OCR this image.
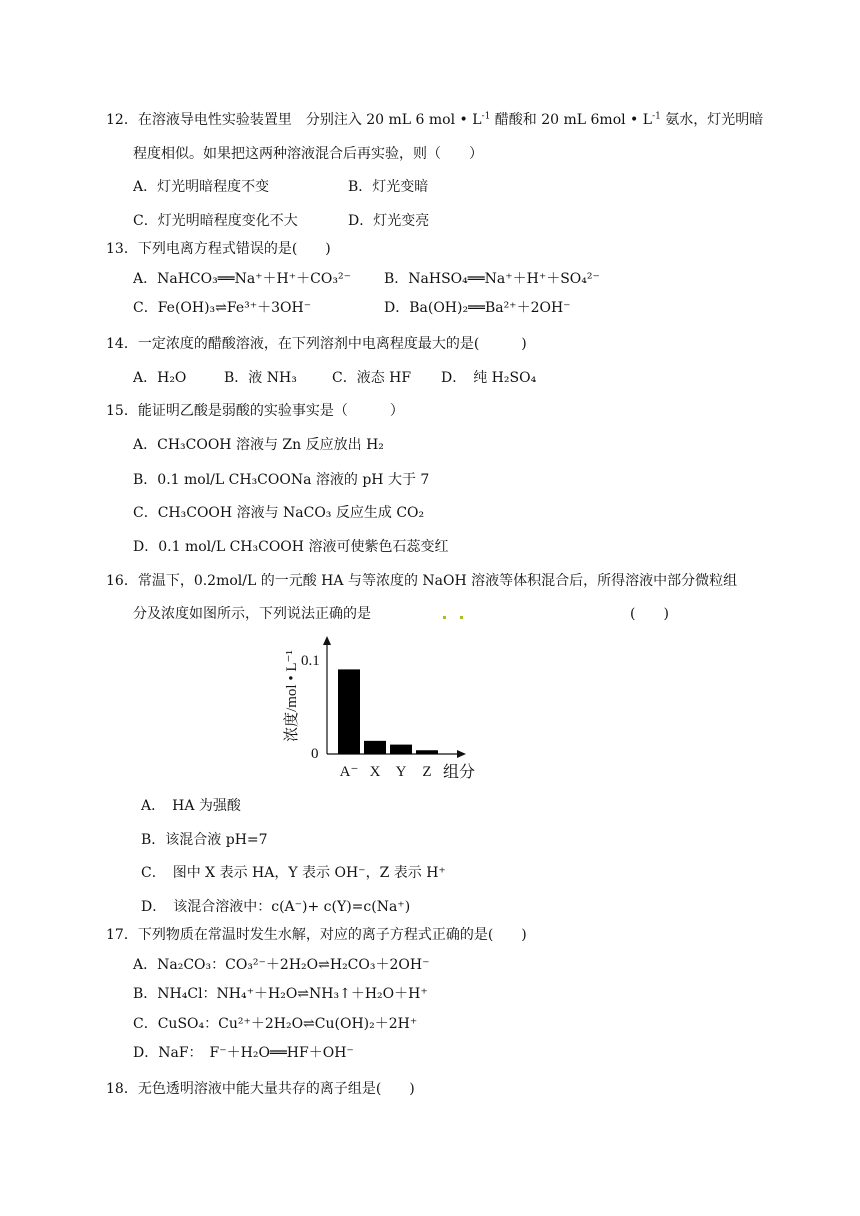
12．在溶液导电性实验装置里　分别注入 20 mL 6 mol • $L^{-1}$ 醋酸和 20 mL 6mol • $L^{-1}$ 氨水，灯光明暗
程度相似。如果把这两种溶液混合后再实验，则（　　）
A．灯光明暗程度不变	B．灯光变暗
C．灯光明暗程度变化不大	D．灯光变亮
13．下列电离方程式错误的是(　　)
A．NaHCO₃══Na⁺＋H⁺＋CO₃²⁻ B．NaHSO₄══Na⁺＋H⁺＋SO₄²⁻
C．Fe(OH)₃⇌Fe³⁺＋3OH⁻	D．Ba(OH)₂══Ba²⁺＋2OH⁻
14．一定浓度的醋酸溶液，在下列溶剂中电离程度最大的是(　　　)
A．H₂O	B．液 NH₃	C．液态 HF D．　纯 H₂SO₄
15．能证明乙酸是弱酸的实验事实是（　　　）
A．CH₃COOH 溶液与 Zn 反应放出 H₂
B．0.1 mol/L CH₃COONa 溶液的 pH 大于 7
C．CH₃COOH 溶液与 NaCO₃ 反应生成 CO₂
D．0.1 mol/L CH₃COOH 溶液可使紫色石蕊变红
16．常温下，0.2mol/L 的一元酸 HA 与等浓度的 NaOH 溶液等体积混合后，所得溶液中部分微粒组
分及浓度如图所示，下列说法正确的是	(　　)
浓度/mol • L⁻¹ 0.1
0
A⁻ X Y Z 组分
A．　HA 为强酸
B．该混合液 pH=7
C．　图中 X 表示 HA，Y 表示 OH⁻，Z 表示 H⁺
D．　该混合溶液中：c(A⁻)+ c(Y)=c(Na⁺)
17．下列物质在常温时发生水解，对应的离子方程式正确的是(　　)
A．Na₂CO₃：CO₃²⁻＋2H₂O⇌H₂CO₃＋2OH⁻
B．NH₄Cl：NH₄⁺＋H₂O⇌NH₃↑＋H₂O＋H⁺
C．CuSO₄：Cu²⁺＋2H₂O⇌Cu(OH)₂＋2H⁺
D．NaF：　F⁻＋H₂O══HF＋OH⁻
18．无色透明溶液中能大量共存的离子组是(　　)
